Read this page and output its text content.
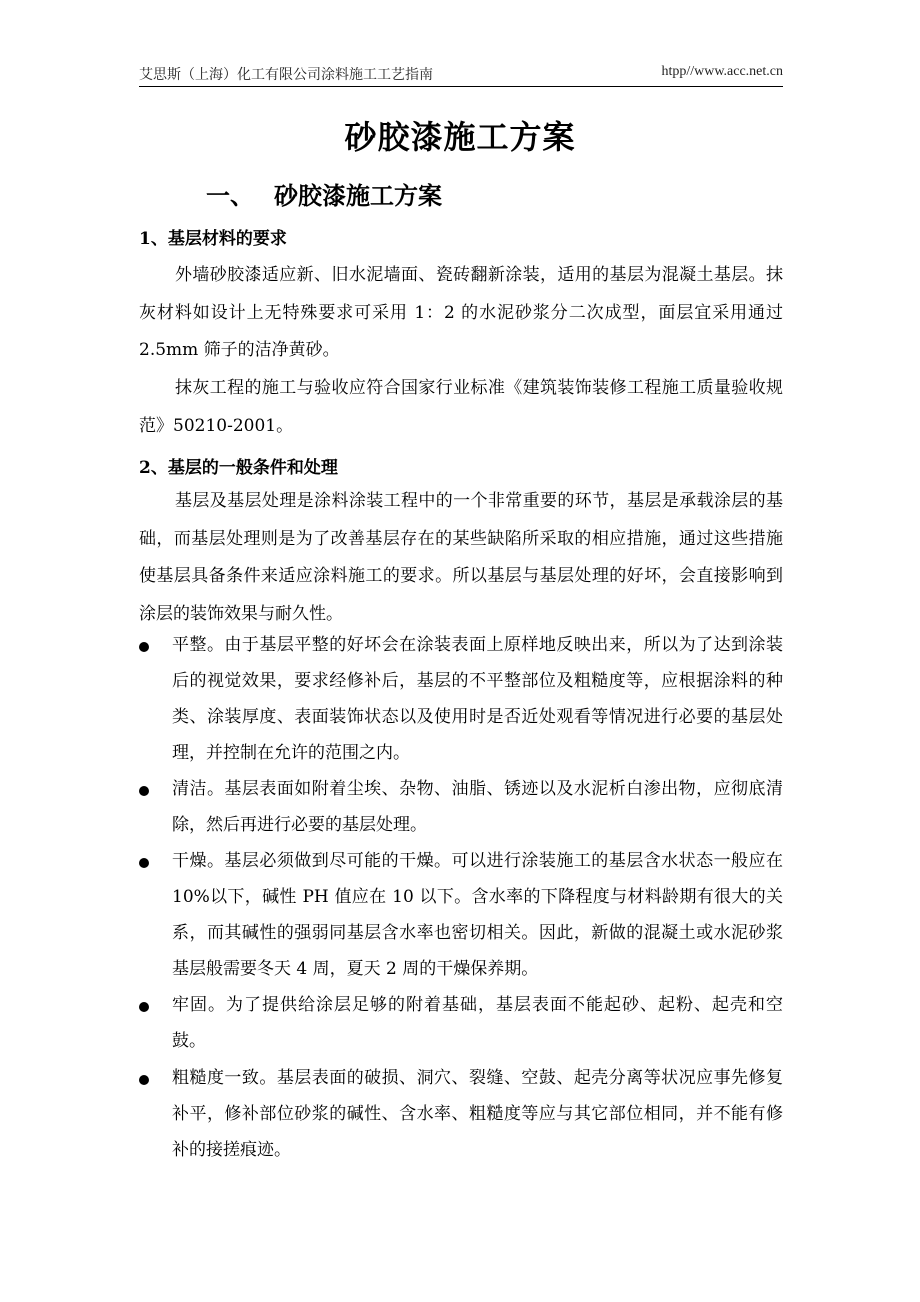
艾思斯（上海）化工有限公司涂料施工工艺指南	htpp//www.acc.net.cn
砂胶漆施工方案
一、 砂胶漆施工方案
1、基层材料的要求
外墙砂胶漆适应新、旧水泥墙面、瓷砖翻新涂装，适用的基层为混凝土基层。抹灰材料如设计上无特殊要求可采用 1：2 的水泥砂浆分二次成型，面层宜采用通过 2.5mm 筛子的洁净黄砂。
抹灰工程的施工与验收应符合国家行业标准《建筑装饰装修工程施工质量验收规范》50210-2001。
2、基层的一般条件和处理
基层及基层处理是涂料涂装工程中的一个非常重要的环节，基层是承载涂层的基础，而基层处理则是为了改善基层存在的某些缺陷所采取的相应措施，通过这些措施使基层具备条件来适应涂料施工的要求。所以基层与基层处理的好坏，会直接影响到涂层的装饰效果与耐久性。
平整。由于基层平整的好坏会在涂装表面上原样地反映出来，所以为了达到涂装后的视觉效果，要求经修补后，基层的不平整部位及粗糙度等，应根据涂料的种类、涂装厚度、表面装饰状态以及使用时是否近处观看等情况进行必要的基层处理，并控制在允许的范围之内。
清洁。基层表面如附着尘埃、杂物、油脂、锈迹以及水泥析白渗出物，应彻底清除，然后再进行必要的基层处理。
干燥。基层必须做到尽可能的干燥。可以进行涂装施工的基层含水状态一般应在 10%以下，碱性 PH 值应在 10 以下。含水率的下降程度与材料龄期有很大的关系，而其碱性的强弱同基层含水率也密切相关。因此，新做的混凝土或水泥砂浆基层般需要冬天 4 周，夏天 2 周的干燥保养期。
牢固。为了提供给涂层足够的附着基础，基层表面不能起砂、起粉、起壳和空鼓。
粗糙度一致。基层表面的破损、洞穴、裂缝、空鼓、起壳分离等状况应事先修复补平，修补部位砂浆的碱性、含水率、粗糙度等应与其它部位相同，并不能有修补的接搓痕迹。
